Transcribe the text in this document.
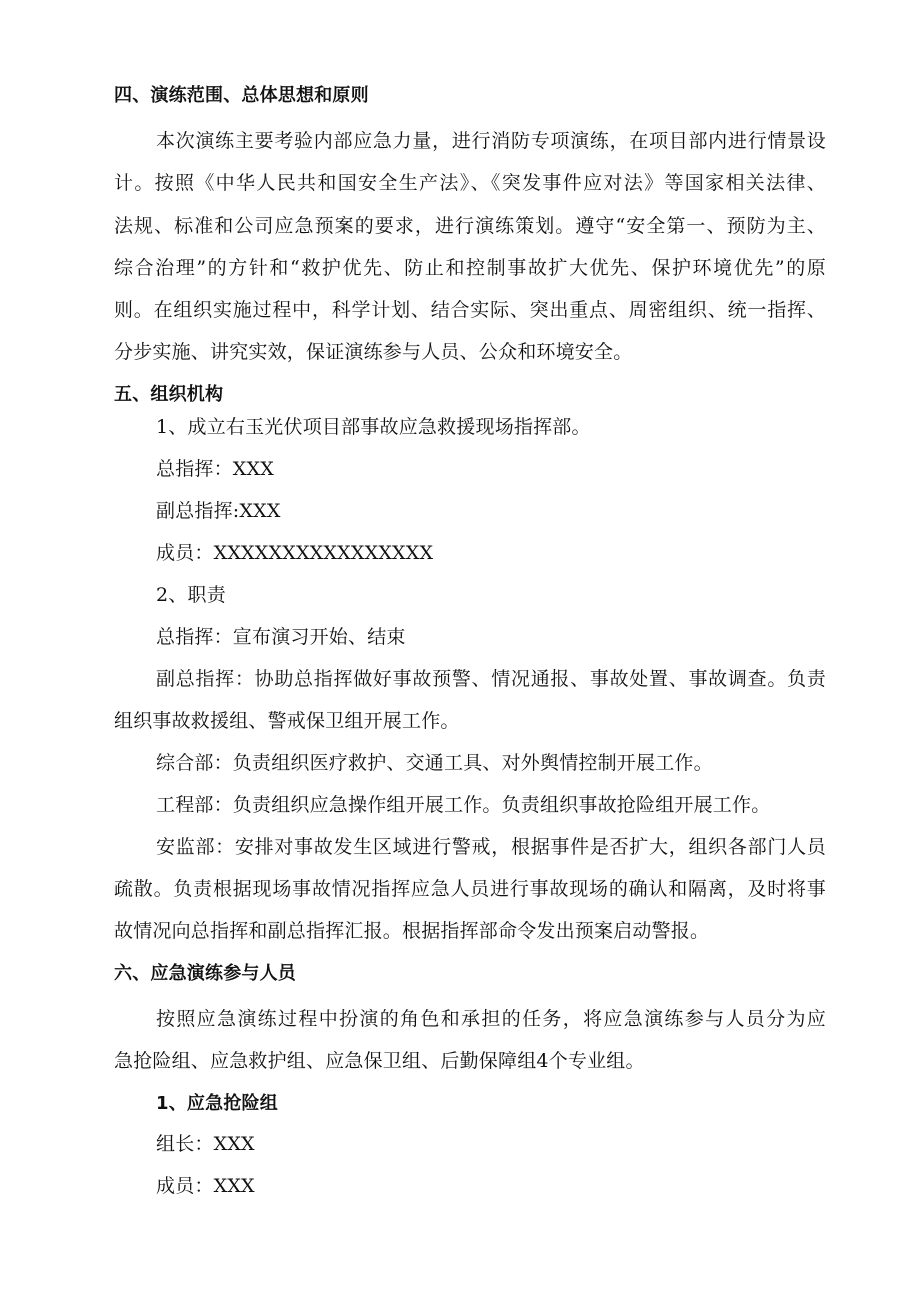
四、演练范围、总体思想和原则
本次演练主要考验内部应急力量，进行消防专项演练，在项目部内进行情景设
计。按照《中华人民共和国安全生产法》、《突发事件应对法》等国家相关法律、
法规、标准和公司应急预案的要求，进行演练策划。遵守“安全第一、预防为主、
综合治理”的方针和“救护优先、防止和控制事故扩大优先、保护环境优先”的原
则。在组织实施过程中，科学计划、结合实际、突出重点、周密组织、统一指挥、
分步实施、讲究实效，保证演练参与人员、公众和环境安全。
五、组织机构
1、成立右玉光伏项目部事故应急救援现场指挥部。
总指挥：XXX
副总指挥:XXX
成员：XXXXXXXXXXXXXXXX
2、职责
总指挥：宣布演习开始、结束
副总指挥：协助总指挥做好事故预警、情况通报、事故处置、事故调查。负责
组织事故救援组、警戒保卫组开展工作。
综合部：负责组织医疗救护、交通工具、对外舆情控制开展工作。
工程部：负责组织应急操作组开展工作。负责组织事故抢险组开展工作。
安监部：安排对事故发生区域进行警戒，根据事件是否扩大，组织各部门人员
疏散。负责根据现场事故情况指挥应急人员进行事故现场的确认和隔离，及时将事
故情况向总指挥和副总指挥汇报。根据指挥部命令发出预案启动警报。
六、应急演练参与人员
按照应急演练过程中扮演的角色和承担的任务，将应急演练参与人员分为应
急抢险组、应急救护组、应急保卫组、后勤保障组4个专业组。
1、应急抢险组
组长：XXX
成员：XXX
